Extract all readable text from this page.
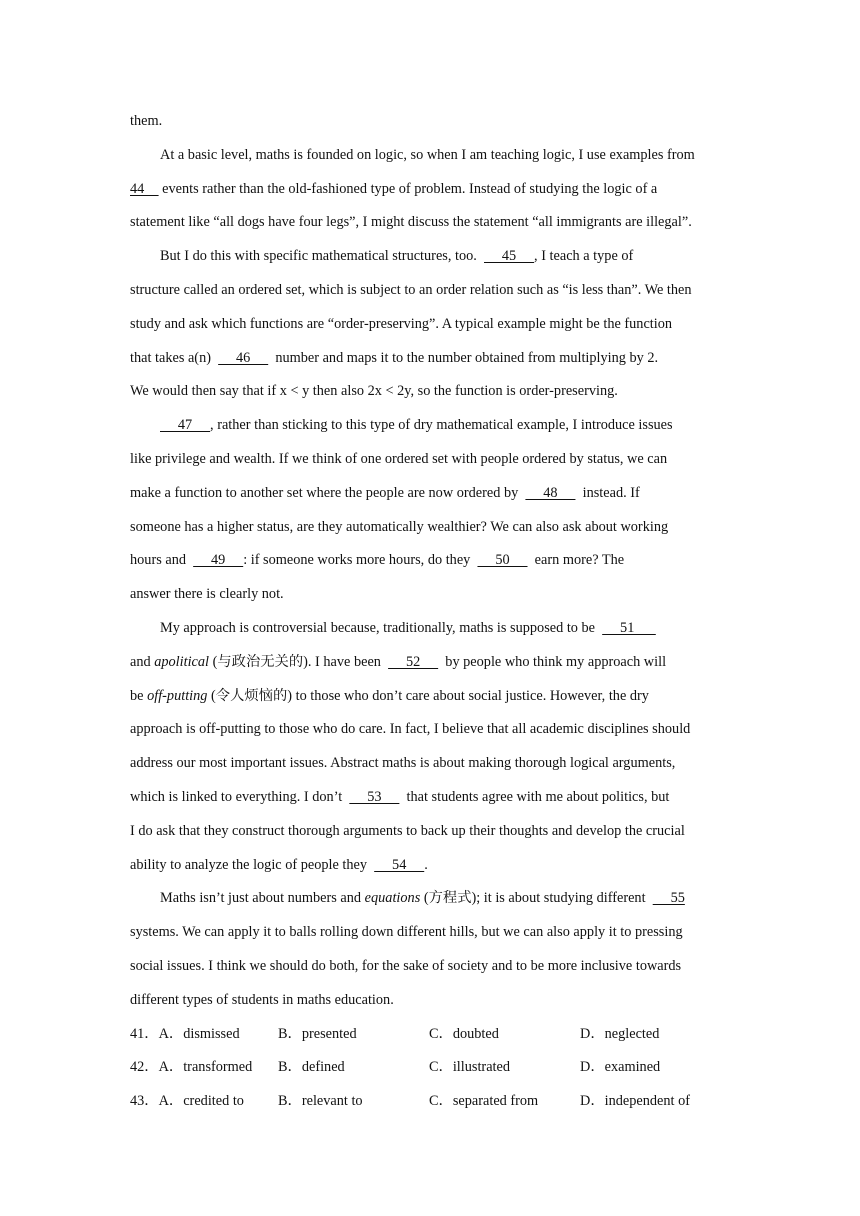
them.
At a basic level, maths is founded on logic, so when I am teaching logic, I use examples from
44     events rather than the old-fashioned type of problem. Instead of studying the logic of a
statement like “all dogs have four legs”, I might discuss the statement “all immigrants are illegal”.
But I do this with specific mathematical structures, too.       45     , I teach a type of
structure called an ordered set, which is subject to an order relation such as “is less than”. We then
study and ask which functions are “order-preserving”. A typical example might be the function
that takes a(n)       46       number and maps it to the number obtained from multiplying by 2.
We would then say that if x < y then also 2x < 2y, so the function is order-preserving.
47     , rather than sticking to this type of dry mathematical example, I introduce issues
like privilege and wealth. If we think of one ordered set with people ordered by status, we can
make a function to another set where the people are now ordered by       48       instead. If
someone has a higher status, are they automatically wealthier? We can also ask about working
hours and       49     : if someone works more hours, do they       50       earn more? The
answer there is clearly not.
My approach is controversial because, traditionally, maths is supposed to be       51
and apolitical (与政治无关的). I have been       52       by people who think my approach will
be off-putting (令人烦恼的) to those who don’t care about social justice. However, the dry
approach is off-putting to those who do care. In fact, I believe that all academic disciplines should
address our most important issues. Abstract maths is about making thorough logical arguments,
which is linked to everything. I don’t       53       that students agree with me about politics, but
I do ask that they construct thorough arguments to back up their thoughts and develop the crucial
ability to analyze the logic of people they       54     .
Maths isn’t just about numbers and equations (方程式); it is about studying different       55
systems. We can apply it to balls rolling down different hills, but we can also apply it to pressing
social issues. I think we should do both, for the sake of society and to be more inclusive towards
different types of students in maths education.
41．A．dismissed	B．presented	C．doubted	D．neglected
42．A．transformed B．defined	C．illustrated	D．examined
43．A．credited to B．relevant to	C．separated from	D．independent of
